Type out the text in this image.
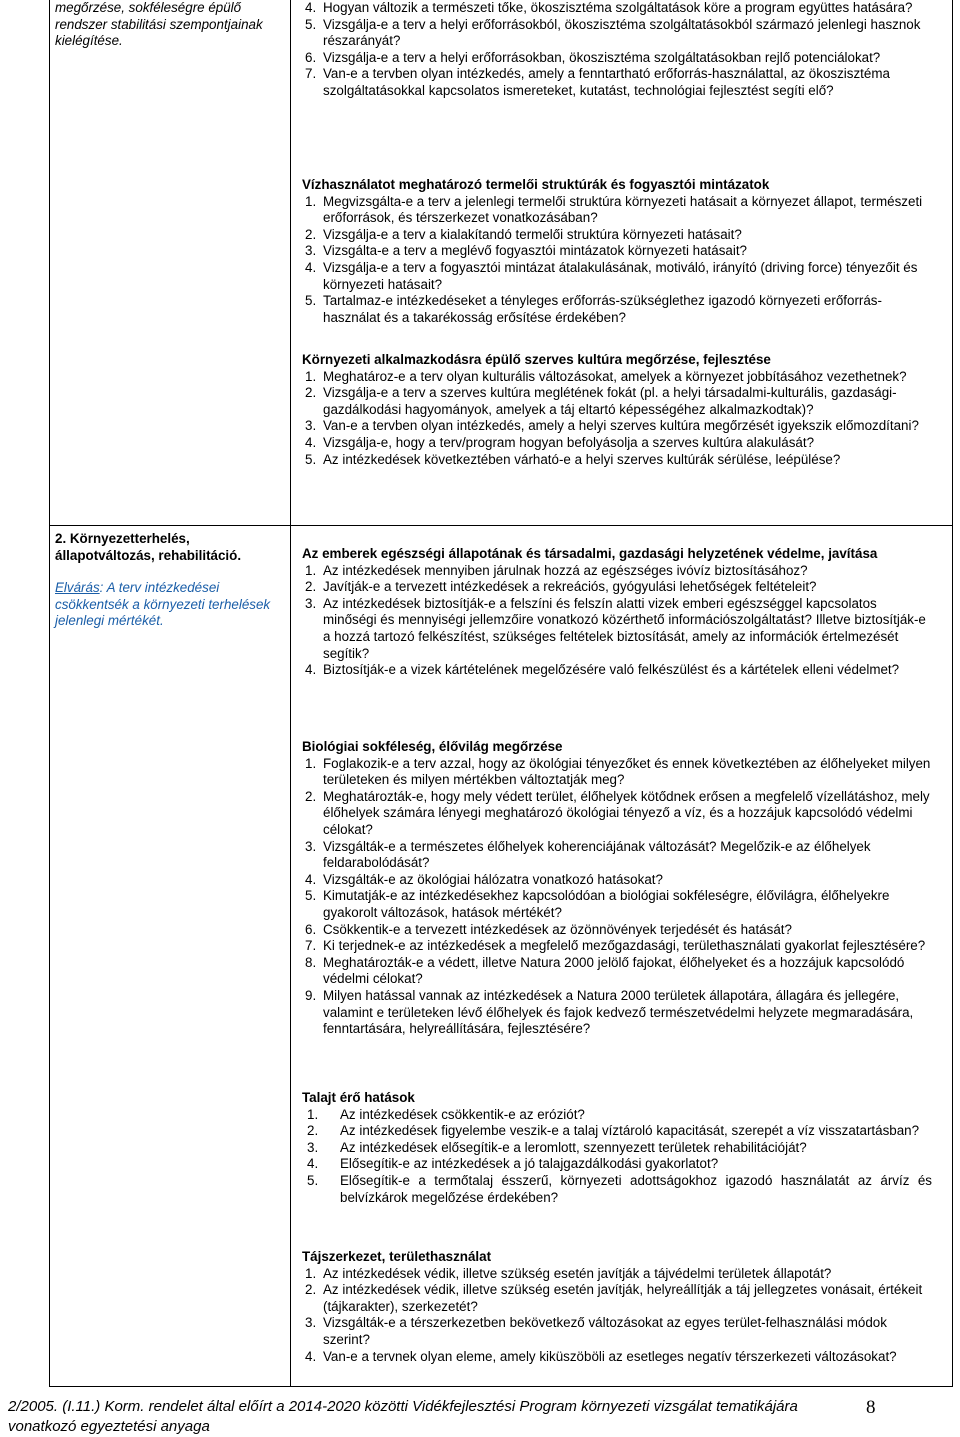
megőrzése, sokféleségre épülő rendszer stabilitási szempontjainak kielégítése.
2. Környezetterhelés, állapotváltozás, rehabilitáció.
Elvárás: A terv intézkedései csökkentsék a környezeti terhelések jelenlegi mértékét.
4. Hogyan változik a természeti tőke, ökoszisztéma szolgáltatások köre a program együttes hatására?
5. Vizsgálja-e a terv a helyi erőforrásokból, ökoszisztéma szolgáltatásokból származó jelenlegi hasznok részarányát?
6. Vizsgálja-e a terv a helyi erőforrásokban, ökoszisztéma szolgáltatásokban rejlő potenciálokat?
7. Van-e a tervben olyan intézkedés, amely a fenntartható erőforrás-használattal, az ökoszisztéma szolgáltatásokkal kapcsolatos ismereteket, kutatást, technológiai fejlesztést segíti elő?
Vízhasználatot meghatározó termelői struktúrák és fogyasztói mintázatok
1. Megvizsgálta-e a terv a jelenlegi termelői struktúra környezeti hatásait a környezet állapot, természeti erőforrások, és térszerkezet vonatkozásában?
2. Vizsgálja-e a terv a kialakítandó termelői struktúra környezeti hatásait?
3. Vizsgálta-e a terv a meglévő fogyasztói mintázatok környezeti hatásait?
4. Vizsgálja-e a terv a fogyasztói mintázat átalakulásának, motiváló, irányító (driving force) tényezőit és környezeti hatásait?
5. Tartalmaz-e intézkedéseket a tényleges erőforrás-szükséglethez igazodó környezeti erőforrás-használat és a takarékosság erősítése érdekében?
Környezeti alkalmazkodásra épülő szerves kultúra megőrzése, fejlesztése
1. Meghatároz-e a terv olyan kulturális változásokat, amelyek a környezet jobbításához vezethetnek?
2. Vizsgálja-e a terv a szerves kultúra meglétének fokát (pl. a helyi társadalmi-kulturális, gazdasági-gazdálkodási hagyományok, amelyek a táj eltartó képességéhez alkalmazkodtak)?
3. Van-e a tervben olyan intézkedés, amely a helyi szerves kultúra megőrzését igyekszik előmozdítani?
4. Vizsgálja-e, hogy a terv/program hogyan befolyásolja a szerves kultúra alakulását?
5. Az intézkedések következtében várható-e a helyi szerves kultúrák sérülése, leépülése?
Az emberek egészségi állapotának és társadalmi, gazdasági helyzetének védelme, javítása
1. Az intézkedések mennyiben járulnak hozzá az egészséges ivóvíz biztosításához?
2. Javítják-e a tervezett intézkedések a rekreációs, gyógyulási lehetőségek feltételeit?
3. Az intézkedések biztosítják-e a felszíni és felszín alatti vizek emberi egészséggel kapcsolatos minőségi és mennyiségi jellemzőire vonatkozó közérthető információszolgáltatást? Illetve biztosítják-e a hozzá tartozó felkészítést, szükséges feltételek biztosítását, amely az információk értelmezését segítik?
4. Biztosítják-e a vizek kártételének megelőzésére való felkészülést és a kártételek elleni védelmet?
Biológiai sokféleség, élővilág megőrzése
1. Foglakozik-e a terv azzal, hogy az ökológiai tényezőket és ennek következtében az élőhelyeket milyen területeken és milyen mértékben változtatják meg?
2. Meghatározták-e, hogy mely védett terület, élőhelyek kötődnek erősen a megfelelő vízellátáshoz, mely élőhelyek számára lényegi meghatározó ökológiai tényező a víz, és a hozzájuk kapcsolódó védelmi célokat?
3. Vizsgálták-e a természetes élőhelyek koherenciájának változását? Megelőzik-e az élőhelyek feldarabolódását?
4. Vizsgálták-e az ökológiai hálózatra vonatkozó hatásokat?
5. Kimutatják-e az intézkedésekhez kapcsolódóan a biológiai sokféleségre, élővilágra, élőhelyekre gyakorolt változások, hatások mértékét?
6. Csökkentik-e a tervezett intézkedések az özönnövények terjedését és hatását?
7. Ki terjednek-e az intézkedések a megfelelő mezőgazdasági, területhasználati gyakorlat fejlesztésére?
8. Meghatározták-e a védett, illetve Natura 2000 jelölő fajokat, élőhelyeket és a hozzájuk kapcsolódó védelmi célokat?
9. Milyen hatással vannak az intézkedések a Natura 2000 területek állapotára, állagára és jellegére, valamint e területeken lévő élőhelyek és fajok kedvező természetvédelmi helyzete megmaradására, fenntartására, helyreállítására, fejlesztésére?
Talajt érő hatások
1. Az intézkedések csökkentik-e az eróziót?
2. Az intézkedések figyelembe veszik-e a talaj víztároló kapacitását, szerepét a víz visszatartásban?
3. Az intézkedések elősegítik-e a leromlott, szennyezett területek rehabilitációját?
4. Elősegítik-e az intézkedések a jó talajgazdálkodási gyakorlatot?
5. Elősegítik-e a termőtalaj ésszerű, környezeti adottságokhoz igazodó használatát az árvíz és belvízkárok megelőzése érdekében?
Tájszerkezet, területhasználat
1. Az intézkedések védik, illetve szükség esetén javítják a tájvédelmi területek állapotát?
2. Az intézkedések védik, illetve szükség esetén javítják, helyreállítják a táj jellegzetes vonásait, értékeit (tájkarakter), szerkezetét?
3. Vizsgálták-e a térszerkezetben bekövetkező változásokat az egyes terület-felhasználási módok szerint?
4. Van-e a tervnek olyan eleme, amely kiküszöböli az esetleges negatív térszerkezeti változásokat?
2/2005. (I.11.) Korm. rendelet által előírt a 2014-2020 közötti Vidékfejlesztési Program környezeti vizsgálat tematikájára vonatkozó egyeztetési anyaga
8
